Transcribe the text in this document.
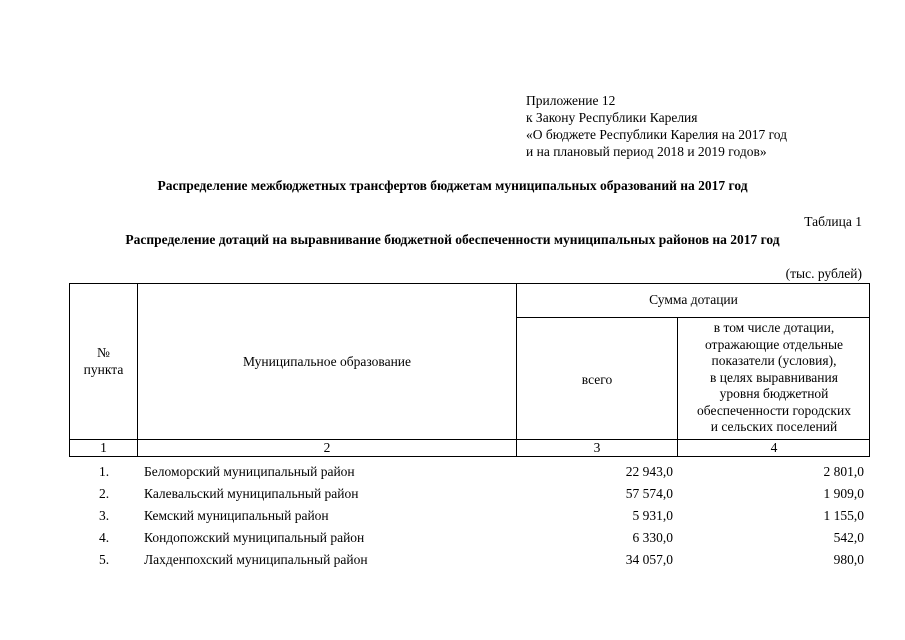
Приложение 12
к Закону Республики Карелия
«О бюджете Республики Карелия на 2017 год
и на плановый период 2018 и 2019 годов»
Распределение межбюджетных трансфертов бюджетам муниципальных образований на 2017 год
Таблица 1
Распределение дотаций на выравнивание бюджетной обеспеченности муниципальных районов на 2017 год
(тыс. рублей)
№
пункта	Муниципальное образование
Сумма дотации
всего
в том числе дотации,
отражающие отдельные
показатели (условия),
в целях выравнивания
уровня бюджетной
обеспеченности городских
и сельских поселений
1	2	3	4
1.	Беломорский муниципальный район	22 943,0	2 801,0
2.	Калевальский муниципальный район	57 574,0	1 909,0
3.	Кемский муниципальный район	5 931,0	1 155,0
4.	Кондопожский муниципальный район	6 330,0	542,0
5.	Лахденпохский муниципальный район	34 057,0	980,0
